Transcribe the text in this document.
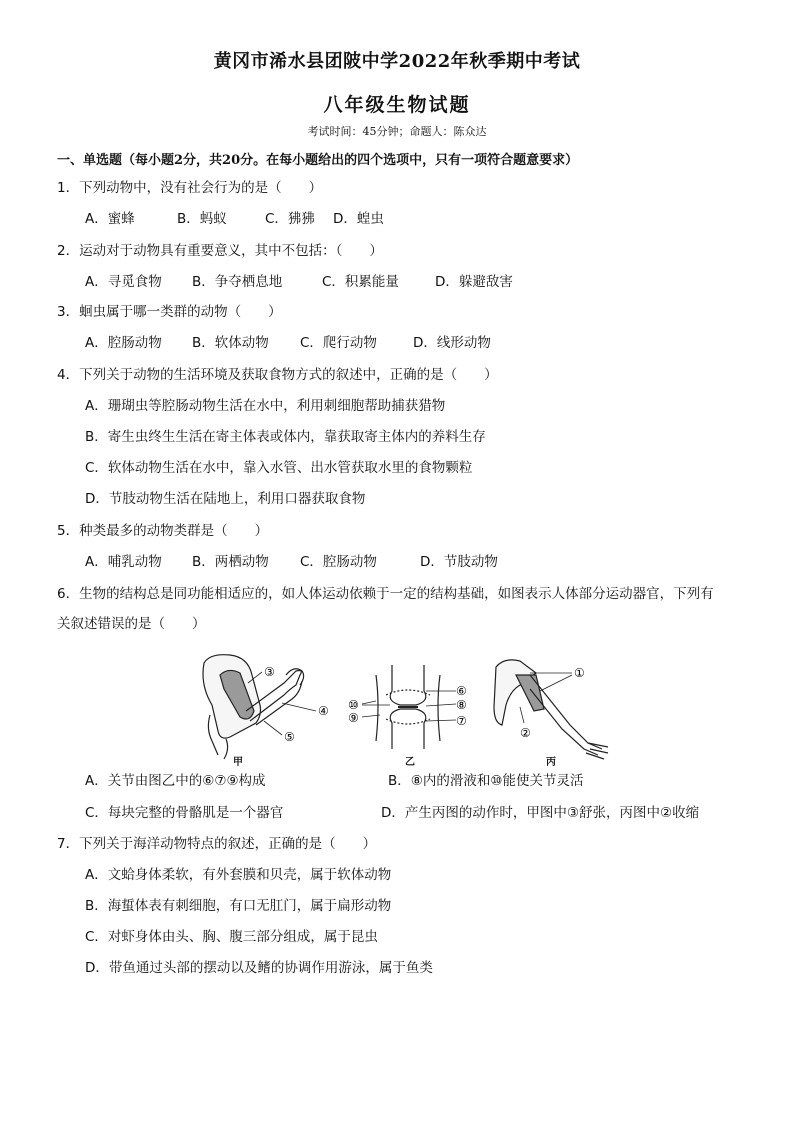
黄冈市浠水县团陂中学2022年秋季期中考试
八年级生物试题
考试时间：45分钟；命题人：陈众达
一、单选题（每小题2分，共20分。在每小题给出的四个选项中，只有一项符合题意要求）
1．下列动物中，没有社会行为的是（　　）
A．蜜蜂	B．蚂蚁	C．狒狒 D．蝗虫
2．运动对于动物具有重要意义，其中不包括：（　　）
A．寻觅食物 B．争夺栖息地	C．积累能量	D．躲避敌害
3．蛔虫属于哪一类群的动物（　　）
A．腔肠动物 B．软体动物 C．爬行动物	D．线形动物
4．下列关于动物的生活环境及获取食物方式的叙述中，正确的是（　　）
A．珊瑚虫等腔肠动物生活在水中，利用刺细胞帮助捕获猎物
B．寄生虫终生生活在寄主体表或体内，靠获取寄主体内的养料生存
C．软体动物生活在水中，靠入水管、出水管获取水里的食物颗粒
D．节肢动物生活在陆地上，利用口器获取食物
5．种类最多的动物类群是（　　）
A．哺乳动物 B．两栖动物 C．腔肠动物	D．节肢动物
6．生物的结构总是同功能相适应的，如人体运动依赖于一定的结构基础，如图表示人体部分运动器官，下列有
关叙述错误的是（　　）
③
④
⑤
⑥
⑧
⑦
⑩
⑨
①
②
甲	乙	丙
A．关节由图乙中的⑥⑦⑨构成	B．⑧内的滑液和⑩能使关节灵活
C．每块完整的骨骼肌是一个器官	D．产生丙图的动作时，甲图中③舒张，丙图中②收缩
7．下列关于海洋动物特点的叙述，正确的是（　　）
A．文蛤身体柔软，有外套膜和贝壳，属于软体动物
B．海蜇体表有刺细胞，有口无肛门，属于扁形动物
C．对虾身体由头、胸、腹三部分组成，属于昆虫
D．带鱼通过头部的摆动以及鳍的协调作用游泳，属于鱼类
